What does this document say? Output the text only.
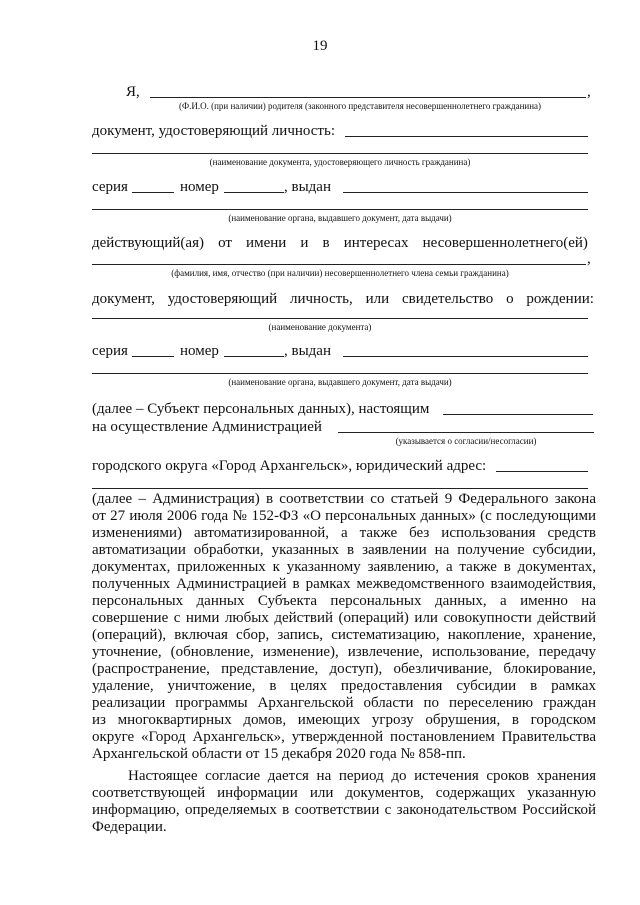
19
Я,	,
(Ф.И.О. (при наличии) родителя (законного представителя несовершеннолетнего гражданина)
документ, удостоверяющий личность:
(наименование документа, удостоверяющего личность гражданина)
серия	номер	, выдан
(наименование органа, выдавшего документ, дата выдачи)
действующий(ая) от имени и в интересах несовершеннолетнего(ей)
,
(фамилия, имя, отчество (при наличии) несовершеннолетнего члена семьи гражданина)
документ, удостоверяющий личность, или свидетельство о рождении:
(наименование документа)
серия	номер	, выдан
(наименование органа, выдавшего документ, дата выдачи)
(далее – Субъект персональных данных), настоящим
на осуществление Администрацией
(указывается о согласии/несогласии)
городского округа «Город Архангельск», юридический адрес:
(далее – Администрация) в соответствии со статьей 9 Федерального закона
от 27 июля 2006 года № 152-ФЗ «О персональных данных» (с последующими
изменениями) автоматизированной, а также без использования средств
автоматизации обработки, указанных в заявлении на получение субсидии,
документах, приложенных к указанному заявлению, а также в документах,
полученных Администрацией в рамках межведомственного взаимодействия,
персональных данных Субъекта персональных данных, а именно на
совершение с ними любых действий (операций) или совокупности действий
(операций), включая сбор, запись, систематизацию, накопление, хранение,
уточнение, (обновление, изменение), извлечение, использование, передачу
(распространение, представление, доступ), обезличивание, блокирование,
удаление, уничтожение, в целях предоставления субсидии в рамках
реализации программы Архангельской области по переселению граждан
из многоквартирных домов, имеющих угрозу обрушения, в городском
округе «Город Архангельск», утвержденной постановлением Правительства
Архангельской области от 15 декабря 2020 года № 858-пп.
Настоящее согласие дается на период до истечения сроков хранения
соответствующей информации или документов, содержащих указанную
информацию, определяемых в соответствии с законодательством Российской
Федерации.
